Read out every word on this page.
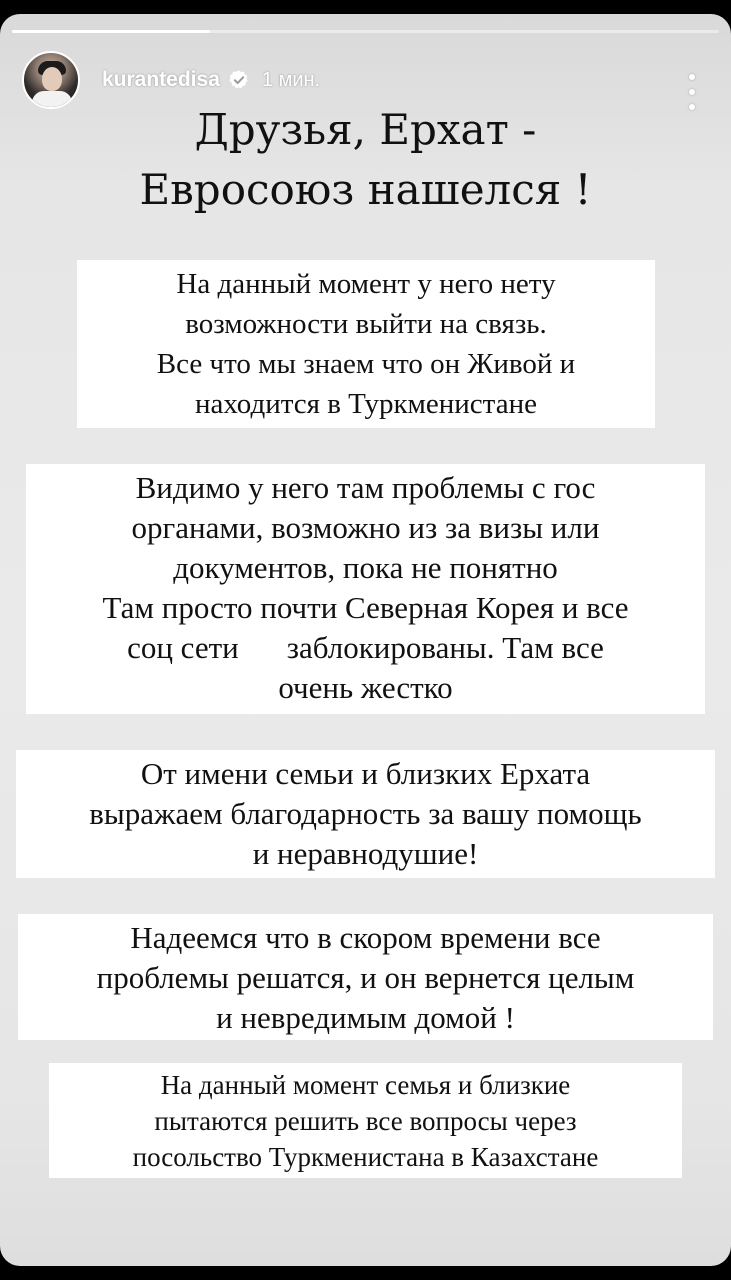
kurantedisa 1 мин.
Друзья, Ерхат -
Евросоюз нашелся !
На данный момент у него нету
возможности выйти на связь.
Все что мы знаем что он Живой и
находится в Туркменистане
Видимо у него там проблемы с гос
органами, возможно из за визы или
документов, пока не понятно
Там просто почти Северная Корея и все
соц сети заблокированы. Там все
очень жестко
От имени семьи и близких Ерхата
выражаем благодарность за вашу помощь
и неравнодушие!
Надеемся что в скором времени все
проблемы решатся, и он вернется целым
и невредимым домой !
На данный момент семья и близкие
пытаются решить все вопросы через
посольство Туркменистана в Казахстане
